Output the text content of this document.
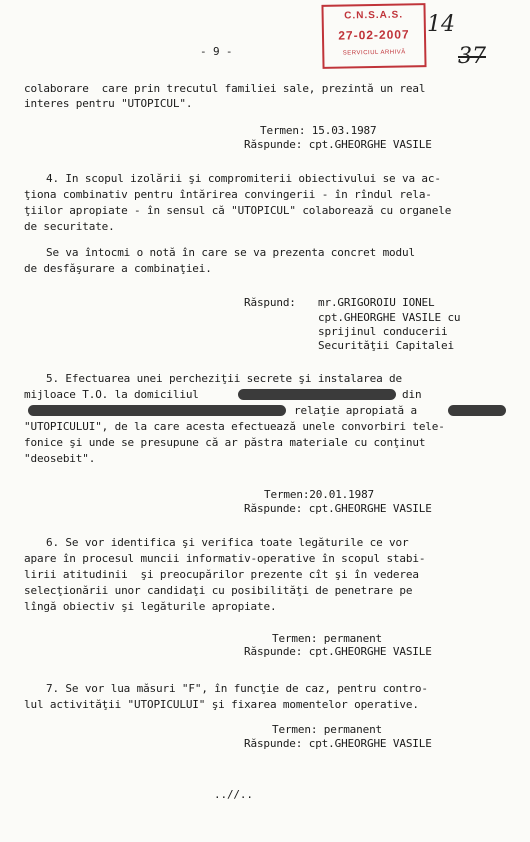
C.N.S.A.S.
27-02-2007
SERVICIUL ARHIVĂ
14
37
- 9 -
colaborare  care prin trecutul familiei sale, prezintă un real
interes pentru "UTOPICUL".
Termen: 15.03.1987
Răspunde: cpt.GHEORGHE VASILE
4. In scopul izolării şi compromiterii obiectivului se va ac-
ţiona combinativ pentru întărirea convingerii - în rîndul rela-
ţiilor apropiate - în sensul că "UTOPICUL" colaborează cu organele
de securitate.
Se va întocmi o notă în care se va prezenta concret modul
de desfăşurare a combinaţiei.
Răspund: mr.GRIGOROIU IONEL
cpt.GHEORGHE VASILE cu
sprijinul conducerii
Securităţii Capitalei
5. Efectuarea unei percheziţii secrete şi instalarea de
mijloace T.O. la domiciliul	din
relaţie apropiată a
"UTOPICULUI", de la care acesta efectuează unele convorbiri tele-
fonice şi unde se presupune că ar păstra materiale cu conţinut
"deosebit".
Termen:20.01.1987
Răspunde: cpt.GHEORGHE VASILE
6. Se vor identifica şi verifica toate legăturile ce vor
apare în procesul muncii informativ-operative în scopul stabi-
lirii atitudinii  şi preocupărilor prezente cît şi în vederea
selecţionării unor candidaţi cu posibilităţi de penetrare pe
lîngă obiectiv şi legăturile apropiate.
Termen: permanent
Răspunde: cpt.GHEORGHE VASILE
7. Se vor lua măsuri "F", în funcţie de caz, pentru contro-
lul activităţii "UTOPICULUI" şi fixarea momentelor operative.
Termen: permanent
Răspunde: cpt.GHEORGHE VASILE
..//..
